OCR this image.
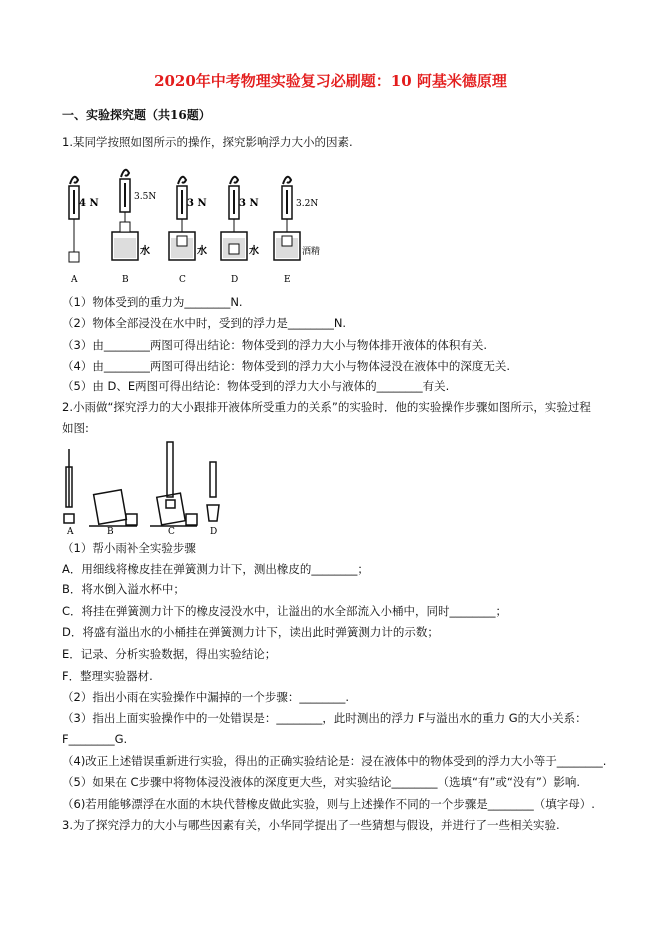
2020年中考物理实验复习必刷题：10 阿基米德原理
一、实验探究题（共16题）
1.某同学按照如图所示的操作，探究影响浮力大小的因素.
4 N
A
3.5N
水
B
3 N
水
C
3 N
水
D
3.2N
酒精
E
（1）物体受到的重力为________N.
（2）物体全部浸没在水中时，受到的浮力是________N.
（3）由________两图可得出结论：物体受到的浮力大小与物体排开液体的体积有关.
（4）由________两图可得出结论：物体受到的浮力大小与物体浸没在液体中的深度无关.
（5）由 D、E两图可得出结论：物体受到的浮力大小与液体的________有关.
2.小雨做“探究浮力的大小跟排开液体所受重力的关系”的实验时．他的实验操作步骤如图所示，实验过程
如图:
A	B	C	D
（1）帮小雨补全实验步骤
A．用细线将橡皮挂在弹簧测力计下，测出橡皮的________；
B．将水倒入溢水杯中；
C．将挂在弹簧测力计下的橡皮浸没水中，让溢出的水全部流入小桶中，同时________；
D．将盛有溢出水的小桶挂在弹簧测力计下，读出此时弹簧测力计的示数；
E．记录、分析实验数据，得出实验结论；
F．整理实验器材.
（2）指出小雨在实验操作中漏掉的一个步骤：________.
（3）指出上面实验操作中的一处错误是：________，此时测出的浮力 F与溢出水的重力 G的大小关系：
F________G.
（4)改正上述错误重新进行实验，得出的正确实验结论是：浸在液体中的物体受到的浮力大小等于________.
（5）如果在 C步骤中将物体浸没液体的深度更大些，对实验结论________（选填“有”或“没有”）影响.
（6)若用能够漂浮在水面的木块代替橡皮做此实验，则与上述操作不同的一个步骤是________（填字母）.
3.为了探究浮力的大小与哪些因素有关，小华同学提出了一些猜想与假设，并进行了一些相关实验.
